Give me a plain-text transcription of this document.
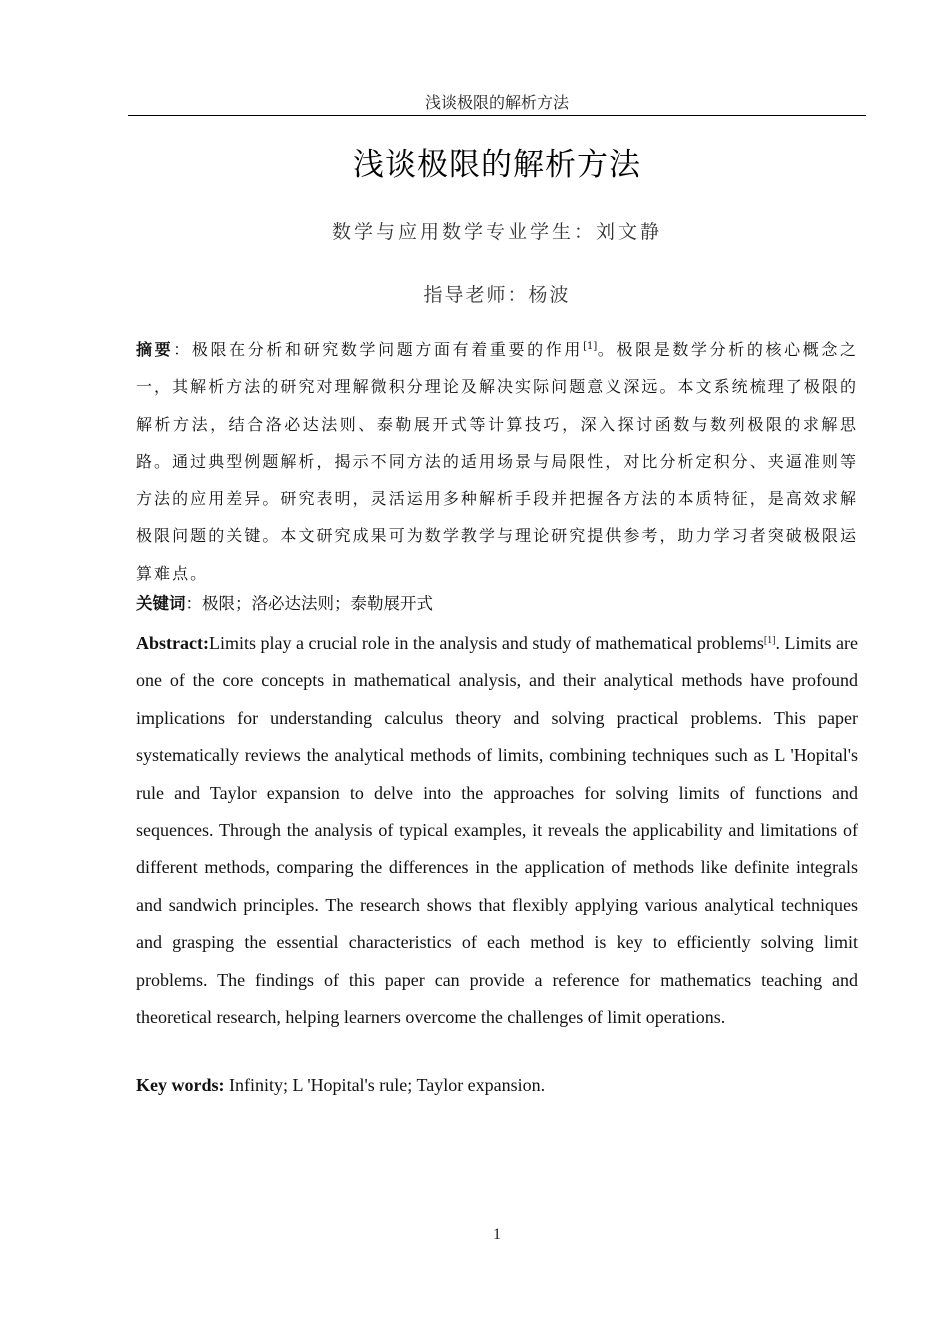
浅谈极限的解析方法
浅谈极限的解析方法
数学与应用数学专业学生：刘文静
指导老师：杨波
摘要：极限在分析和研究数学问题方面有着重要的作用[1]。极限是数学分析的核心概念之一，其解析方法的研究对理解微积分理论及解决实际问题意义深远。本文系统梳理了极限的解析方法，结合洛必达法则、泰勒展开式等计算技巧，深入探讨函数与数列极限的求解思路。通过典型例题解析，揭示不同方法的适用场景与局限性，对比分析定积分、夹逼准则等方法的应用差异。研究表明，灵活运用多种解析手段并把握各方法的本质特征，是高效求解极限问题的关键。本文研究成果可为数学教学与理论研究提供参考，助力学习者突破极限运算难点。
关键词：极限；洛必达法则；泰勒展开式
Abstract:Limits play a crucial role in the analysis and study of mathematical problems[1]. Limits are one of the core concepts in mathematical analysis, and their analytical methods have profound implications for understanding calculus theory and solving practical problems. This paper systematically reviews the analytical methods of limits, combining techniques such as L 'Hopital's rule and Taylor expansion to delve into the approaches for solving limits of functions and sequences. Through the analysis of typical examples, it reveals the applicability and limitations of different methods, comparing the differences in the application of methods like definite integrals and sandwich principles. The research shows that flexibly applying various analytical techniques and grasping the essential characteristics of each method is key to efficiently solving limit problems. The findings of this paper can provide a reference for mathematics teaching and theoretical research, helping learners overcome the challenges of limit operations.
Key words: Infinity; L 'Hopital's rule; Taylor expansion.
1
